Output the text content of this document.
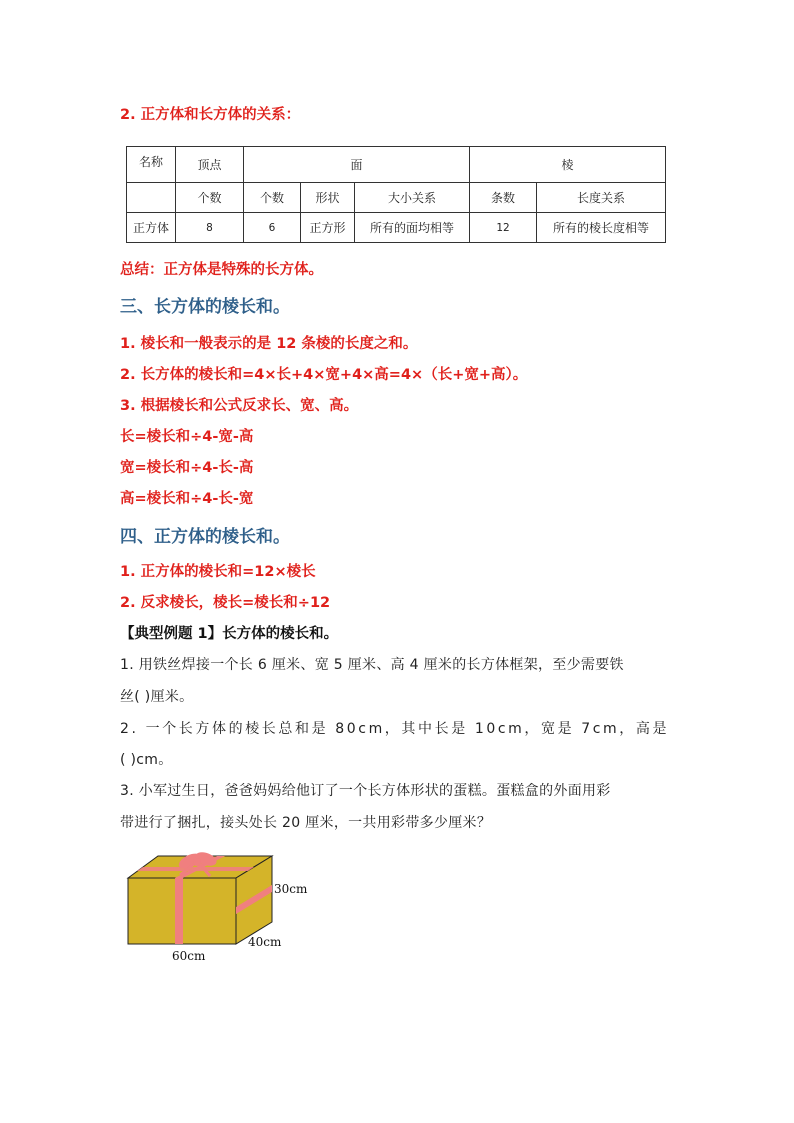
2. 正方体和长方体的关系：
名称	顶点	面			棱	
	个数	个数	形状	大小关系	条数	长度关系
正方体	8	6	正方形	所有的面均相等	12	所有的棱长度相等
总结：正方体是特殊的长方体。
三、长方体的棱长和。
1. 棱长和一般表示的是 12 条棱的长度之和。
2. 长方体的棱长和=4×长+4×宽+4×高=4×（长+宽+高）。
3. 根据棱长和公式反求长、宽、高。
长=棱长和÷4-宽-高
宽=棱长和÷4-长-高
高=棱长和÷4-长-宽
四、正方体的棱长和。
1. 正方体的棱长和=12×棱长
2. 反求棱长，棱长=棱长和÷12
【典型例题 1】长方体的棱长和。
1. 用铁丝焊接一个长 6 厘米、宽 5 厘米、高 4 厘米的长方体框架，至少需要铁
丝( )厘米。
2. 一个长方体的棱长总和是 80cm，其中长是 10cm，宽是 7cm，高是
( )cm。
3. 小军过生日，爸爸妈妈给他订了一个长方体形状的蛋糕。蛋糕盒的外面用彩
带进行了捆扎，接头处长 20 厘米，一共用彩带多少厘米？
30cm
40cm
60cm
